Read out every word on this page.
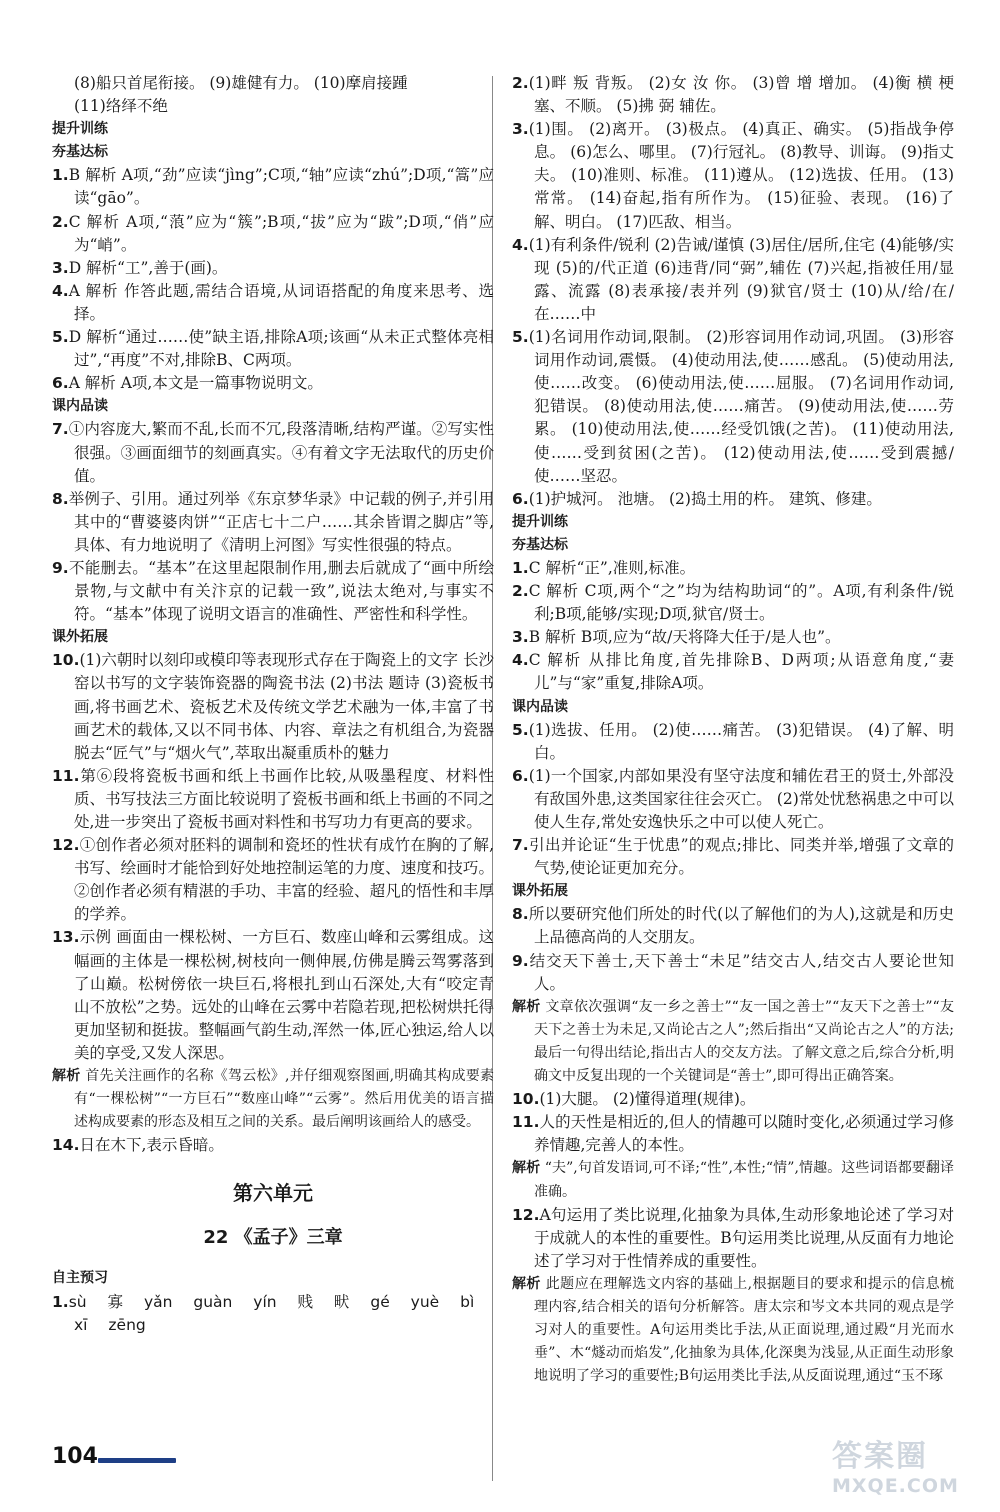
(8)船只首尾衔接。 (9)雄健有力。 (10)摩肩接踵
(11)络绎不绝
提升训练
夯基达标
1.B 解析 A项,“劲”应读“jìng”;C项,“轴”应读“zhú”;D项,“篙”应读“gāo”。
2.C 解析 A项,“蒗”应为“簇”;B项,“拔”应为“跋”;D项,“俏”应为“峭”。
3.D 解析“工”,善于(画)。
4.A 解析 作答此题,需结合语境,从词语搭配的角度来思考、选择。
5.D 解析“通过……使”缺主语,排除A项;该画“从未正式整体亮相过”,“再度”不对,排除B、C两项。
6.A 解析 A项,本文是一篇事物说明文。
课内品读
7.①内容庞大,繁而不乱,长而不冗,段落清晰,结构严谨。②写实性很强。③画面细节的刻画真实。④有着文字无法取代的历史价值。
8.举例子、引用。通过列举《东京梦华录》中记载的例子,并引用其中的“曹婆婆肉饼”“正店七十二户……其余皆谓之脚店”等,具体、有力地说明了《清明上河图》写实性很强的特点。
9.不能删去。“基本”在这里起限制作用,删去后就成了“画中所绘景物,与文献中有关汴京的记载一致”,说法太绝对,与事实不符。“基本”体现了说明文语言的准确性、严密性和科学性。
课外拓展
10.(1)六朝时以刻印或模印等表现形式存在于陶瓷上的文字 长沙窑以书写的文字装饰瓷器的陶瓷书法 (2)书法 题诗 (3)瓷板书画,将书画艺术、瓷板艺术及传统文学艺术融为一体,丰富了书画艺术的载体,又以不同书体、内容、章法之有机组合,为瓷器脱去“匠气”与“烟火气”,萃取出凝重质朴的魅力
11.第⑥段将瓷板书画和纸上书画作比较,从吸墨程度、材料性质、书写技法三方面比较说明了瓷板书画和纸上书画的不同之处,进一步突出了瓷板书画对料性和书写功力有更高的要求。
12.①创作者必须对胚料的调制和瓷坯的性状有成竹在胸的了解,书写、绘画时才能恰到好处地控制运笔的力度、速度和技巧。②创作者必须有精湛的手功、丰富的经验、超凡的悟性和丰厚的学养。
13.示例 画面由一棵松树、一方巨石、数座山峰和云雾组成。这幅画的主体是一棵松树,树枝向一侧伸展,仿佛是腾云驾雾落到了山巅。松树傍依一块巨石,将根扎到山石深处,大有“咬定青山不放松”之势。远处的山峰在云雾中若隐若现,把松树烘托得更加坚韧和挺拔。整幅画气韵生动,浑然一体,匠心独运,给人以美的享受,又发人深思。
解析 首先关注画作的名称《驾云松》,并仔细观察图画,明确其构成要素有“一棵松树”“一方巨石”“数座山峰”“云雾”。然后用优美的语言描述构成要素的形态及相互之间的关系。最后阐明该画给人的感受。
14.日在木下,表示昏暗。
第六单元
22 《孟子》三章
自主预习
1.sù 寡 yǎn guàn yín 贱 畎 gé yuè bì
xī zēng
2.(1)畔 叛 背叛。 (2)女 汝 你。 (3)曾 增 增加。 (4)衡 横 梗塞、不顺。 (5)拂 弼 辅佐。
3.(1)围。 (2)离开。 (3)极点。 (4)真正、确实。 (5)指战争停息。 (6)怎么、哪里。 (7)行冠礼。 (8)教导、训诲。 (9)指丈夫。 (10)准则、标准。 (11)遵从。 (12)选拔、任用。 (13)常常。 (14)奋起,指有所作为。 (15)征验、表现。 (16)了解、明白。 (17)匹敌、相当。
4.(1)有利条件/锐利 (2)告诫/谨慎 (3)居住/居所,住宅 (4)能够/实现 (5)的/代正道 (6)违背/同“弼”,辅佐 (7)兴起,指被任用/显露、流露 (8)表承接/表并列 (9)狱官/贤士 (10)从/给/在/在……中
5.(1)名词用作动词,限制。 (2)形容词用作动词,巩固。 (3)形容词用作动词,震慑。 (4)使动用法,使……感乱。 (5)使动用法,使……改变。 (6)使动用法,使……屈服。 (7)名词用作动词,犯错误。 (8)使动用法,使……痛苦。 (9)使动用法,使……劳累。 (10)使动用法,使……经受饥饿(之苦)。 (11)使动用法,使……受到贫困(之苦)。 (12)使动用法,使……受到震撼/使……坚忍。
6.(1)护城河。 池塘。 (2)捣土用的杵。 建筑、修建。
提升训练
夯基达标
1.C 解析“正”,准则,标准。
2.C 解析 C项,两个“之”均为结构助词“的”。A项,有利条件/锐利;B项,能够/实现;D项,狱官/贤士。
3.B 解析 B项,应为“故/天将降大任于/是人也”。
4.C 解析 从排比角度,首先排除B、D两项;从语意角度,“妻儿”与“家”重复,排除A项。
课内品读
5.(1)选拔、任用。 (2)使……痛苦。 (3)犯错误。 (4)了解、明白。
6.(1)一个国家,内部如果没有坚守法度和辅佐君王的贤士,外部没有敌国外患,这类国家往往会灭亡。 (2)常处忧愁祸患之中可以使人生存,常处安逸快乐之中可以使人死亡。
7.引出并论证“生于忧患”的观点;排比、同类并举,增强了文章的气势,使论证更加充分。
课外拓展
8.所以要研究他们所处的时代(以了解他们的为人),这就是和历史上品德高尚的人交朋友。
9.结交天下善士,天下善士“未足”结交古人,结交古人要论世知人。
解析 文章依次强调“友一乡之善士”“友一国之善士”“友天下之善士”“友天下之善士为未足,又尚论古之人”;然后指出“又尚论古之人”的方法;最后一句得出结论,指出古人的交友方法。了解文意之后,综合分析,明确文中反复出现的一个关键词是“善士”,即可得出正确答案。
10.(1)大腿。 (2)懂得道理(规律)。
11.人的天性是相近的,但人的情趣可以随时变化,必须通过学习修养情趣,完善人的本性。
解析 “夫”,句首发语词,可不译;“性”,本性;“情”,情趣。这些词语都要翻译准确。
12.A句运用了类比说理,化抽象为具体,生动形象地论述了学习对于成就人的本性的重要性。B句运用类比说理,从反面有力地论述了学习对于性情养成的重要性。
解析 此题应在理解选文内容的基础上,根据题目的要求和提示的信息梳理内容,结合相关的语句分析解答。唐太宗和岑文本共同的观点是学习对人的重要性。A句运用类比手法,从正面说理,通过殿“月光而水垂”、木“燧动而焰发”,化抽象为具体,化深奥为浅显,从正面生动形象地说明了学习的重要性;B句运用类比手法,从反面说理,通过“玉不琢
104	答案圈
MXQE.COM
